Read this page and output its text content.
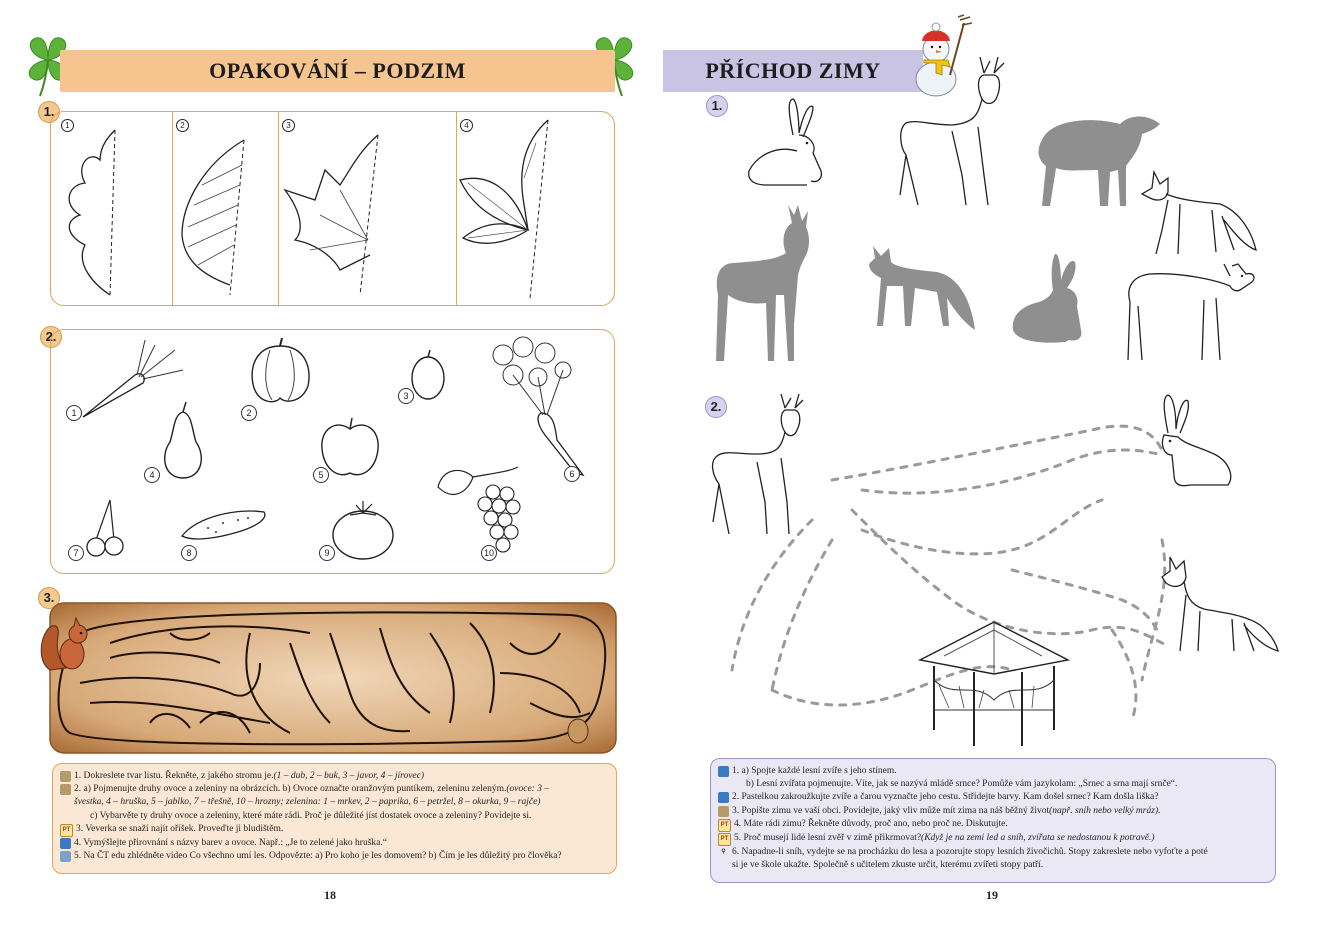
OPAKOVÁNÍ – PODZIM
1.
1	2	3	4
2.
1	2
3
6
4	5
10
7	8	9
3.
1. Dokreslete tvar listu. Řekněte, z jakého stromu je. (1 – dub, 2 – buk, 3 – javor, 4 – jírovec)
2. a) Pojmenujte druhy ovoce a zeleniny na obrázcích. b) Ovoce označte oranžovým puntíkem, zeleninu zeleným. (ovoce: 3 –
švestka, 4 – hruška, 5 – jablko, 7 – třešně, 10 – hrozny; zelenina: 1 – mrkev, 2 – paprika, 6 – petržel, 8 – okurka, 9 – rajče)
c) Vybarvěte ty druhy ovoce a zeleniny, které máte rádi. Proč je důležité jíst dostatek ovoce a zeleniny? Povídejte si.
PT 3. Veverka se snaží najít oříšek. Proveďte ji bludištěm.
4. Vymýšlejte přirovnání s názvy barev a ovoce. Např.: „Je to zelené jako hruška.“
5. Na ČT edu zhlédněte video Co všechno umí les. Odpovězte: a) Pro koho je les domovem? b) Čím je les důležitý pro člověka?
18
PŘÍCHOD ZIMY
1.
2.
1. a) Spojte každé lesní zvíře s jeho stínem.
b) Lesní zvířata pojmenujte. Víte, jak se nazývá mládě srnce? Pomůže vám jazykolam: „Srnec a srna mají srnče“.
2. Pastelkou zakroužkujte zvíře a čarou vyznačte jeho cestu. Střídejte barvy. Kam došel srnec? Kam došla liška?
3. Popište zimu ve vaší obci. Povídejte, jaký vliv může mít zima na náš běžný život (např. sníh nebo velký mráz).
PT 4. Máte rádi zimu? Řekněte důvody, proč ano, nebo proč ne. Diskutujte.
PT 5. Proč musejí lidé lesní zvěř v zimě přikrmovat? (Když je na zemi led a sníh, zvířata se nedostanou k potravě.)
⚲ 6. Napadne-li sníh, vydejte se na procházku do lesa a pozorujte stopy lesních živočichů. Stopy zakreslete nebo vyfoťte a poté
si je ve škole ukažte. Společně s učitelem zkuste určit, kterému zvířeti stopy patří.
19
